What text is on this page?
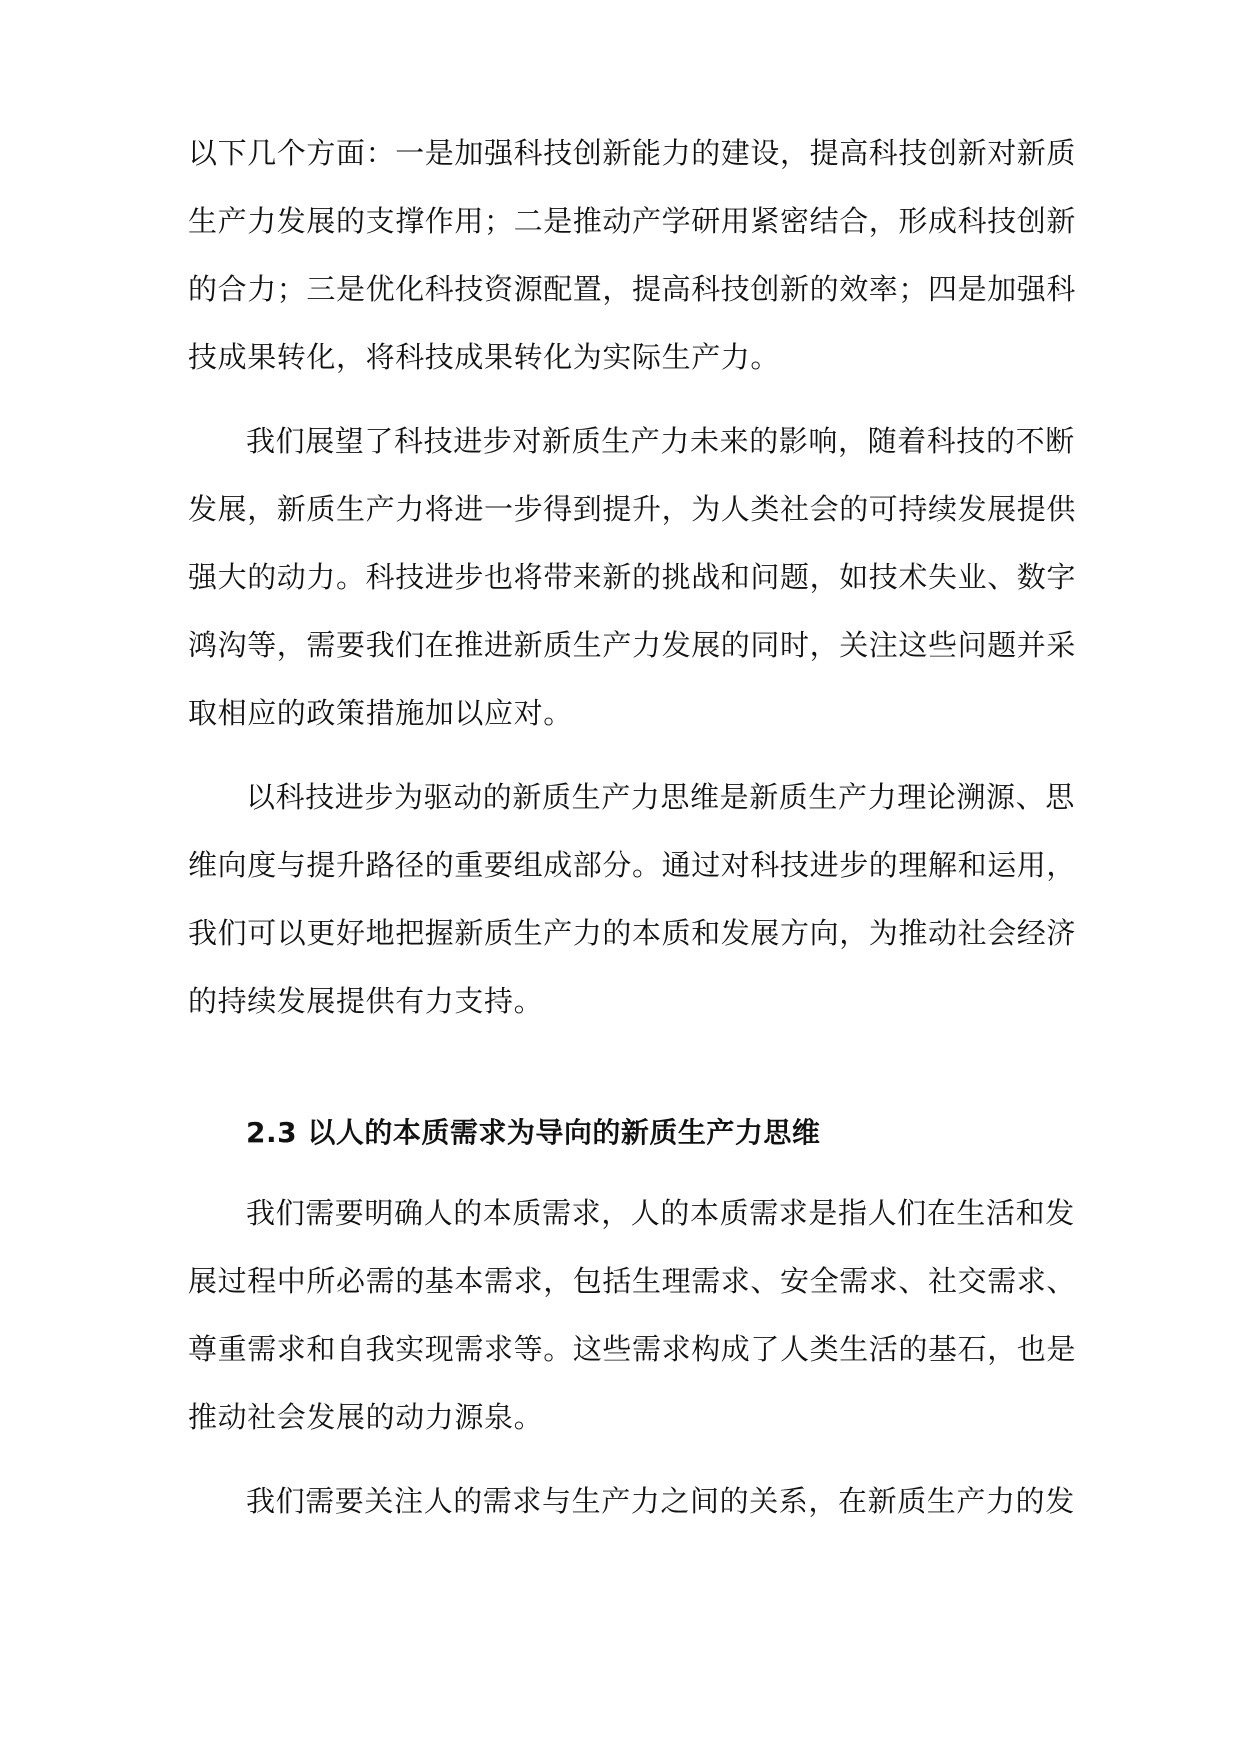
以下几个方面：一是加强科技创新能力的建设，提高科技创新对新质
生产力发展的支撑作用；二是推动产学研用紧密结合，形成科技创新
的合力；三是优化科技资源配置，提高科技创新的效率；四是加强科
技成果转化，将科技成果转化为实际生产力。
我们展望了科技进步对新质生产力未来的影响，随着科技的不断
发展，新质生产力将进一步得到提升，为人类社会的可持续发展提供
强大的动力。科技进步也将带来新的挑战和问题，如技术失业、数字
鸿沟等，需要我们在推进新质生产力发展的同时，关注这些问题并采
取相应的政策措施加以应对。
以科技进步为驱动的新质生产力思维是新质生产力理论溯源、思
维向度与提升路径的重要组成部分。通过对科技进步的理解和运用，
我们可以更好地把握新质生产力的本质和发展方向，为推动社会经济
的持续发展提供有力支持。
2.3 以人的本质需求为导向的新质生产力思维
我们需要明确人的本质需求，人的本质需求是指人们在生活和发
展过程中所必需的基本需求，包括生理需求、安全需求、社交需求、
尊重需求和自我实现需求等。这些需求构成了人类生活的基石，也是
推动社会发展的动力源泉。
我们需要关注人的需求与生产力之间的关系，在新质生产力的发
